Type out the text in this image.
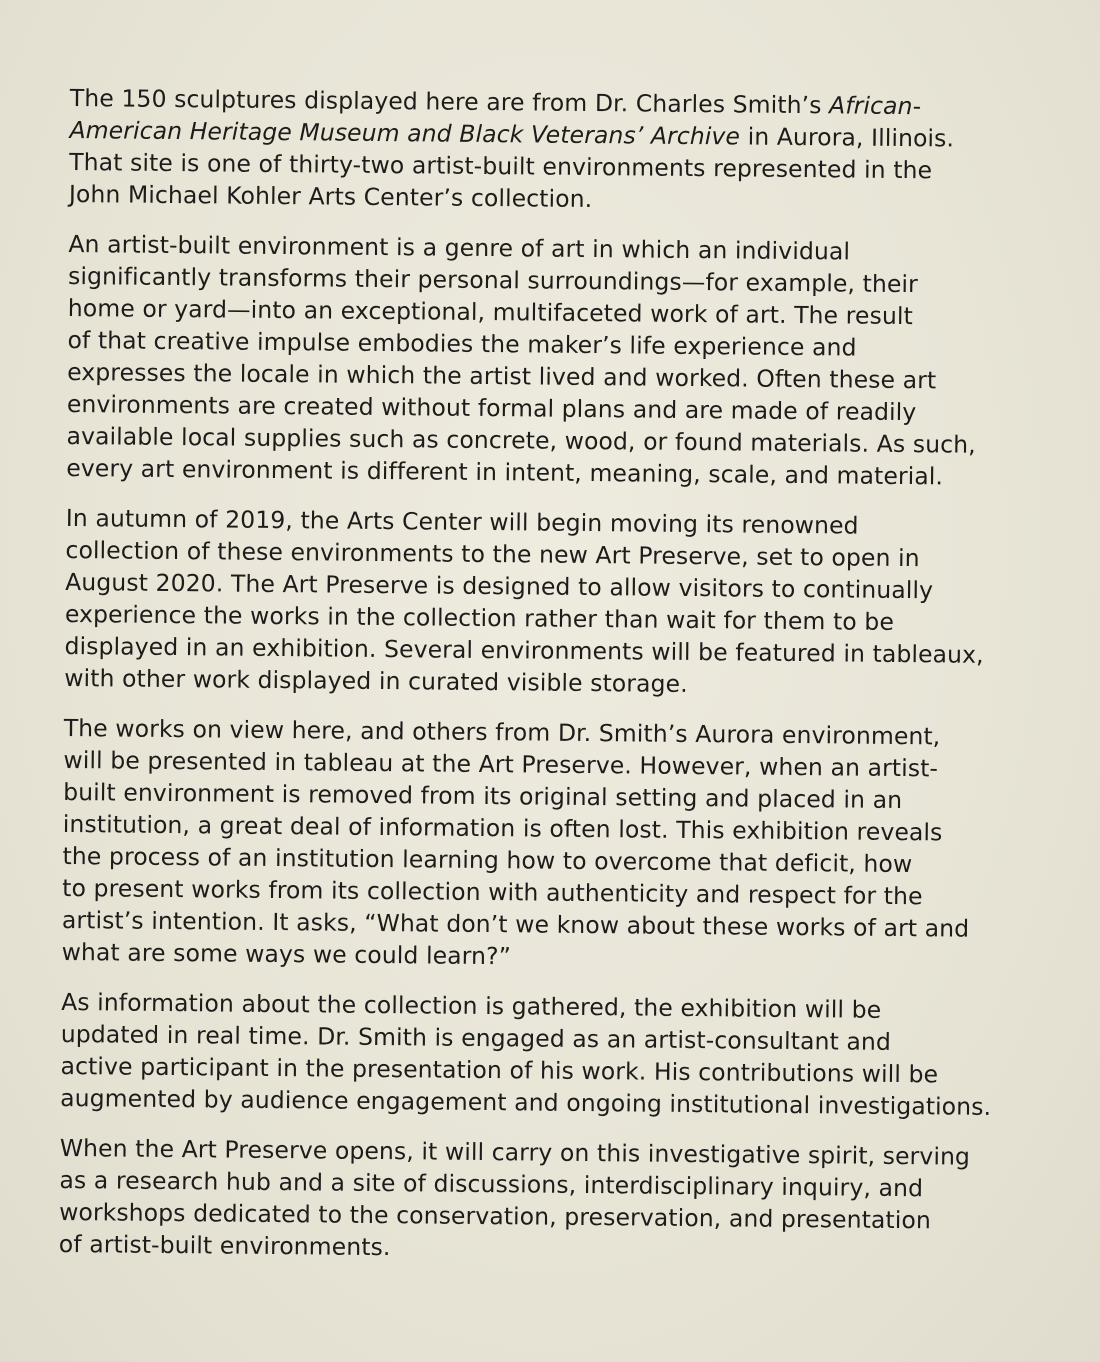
The 150 sculptures displayed here are from Dr. Charles Smith’s African-
American Heritage Museum and Black Veterans’ Archive in Aurora, Illinois.
That site is one of thirty-two artist-built environments represented in the
John Michael Kohler Arts Center’s collection.

An artist-built environment is a genre of art in which an individual
significantly transforms their personal surroundings—for example, their
home or yard—into an exceptional, multifaceted work of art. The result
of that creative impulse embodies the maker’s life experience and
expresses the locale in which the artist lived and worked. Often these art
environments are created without formal plans and are made of readily
available local supplies such as concrete, wood, or found materials. As such,
every art environment is different in intent, meaning, scale, and material.

In autumn of 2019, the Arts Center will begin moving its renowned
collection of these environments to the new Art Preserve, set to open in
August 2020. The Art Preserve is designed to allow visitors to continually
experience the works in the collection rather than wait for them to be
displayed in an exhibition. Several environments will be featured in tableaux,
with other work displayed in curated visible storage.

The works on view here, and others from Dr. Smith’s Aurora environment,
will be presented in tableau at the Art Preserve. However, when an artist-
built environment is removed from its original setting and placed in an
institution, a great deal of information is often lost. This exhibition reveals
the process of an institution learning how to overcome that deficit, how
to present works from its collection with authenticity and respect for the
artist’s intention. It asks, “What don’t we know about these works of art and
what are some ways we could learn?”

As information about the collection is gathered, the exhibition will be
updated in real time. Dr. Smith is engaged as an artist-consultant and
active participant in the presentation of his work. His contributions will be
augmented by audience engagement and ongoing institutional investigations.

When the Art Preserve opens, it will carry on this investigative spirit, serving
as a research hub and a site of discussions, interdisciplinary inquiry, and
workshops dedicated to the conservation, preservation, and presentation
of artist-built environments.
